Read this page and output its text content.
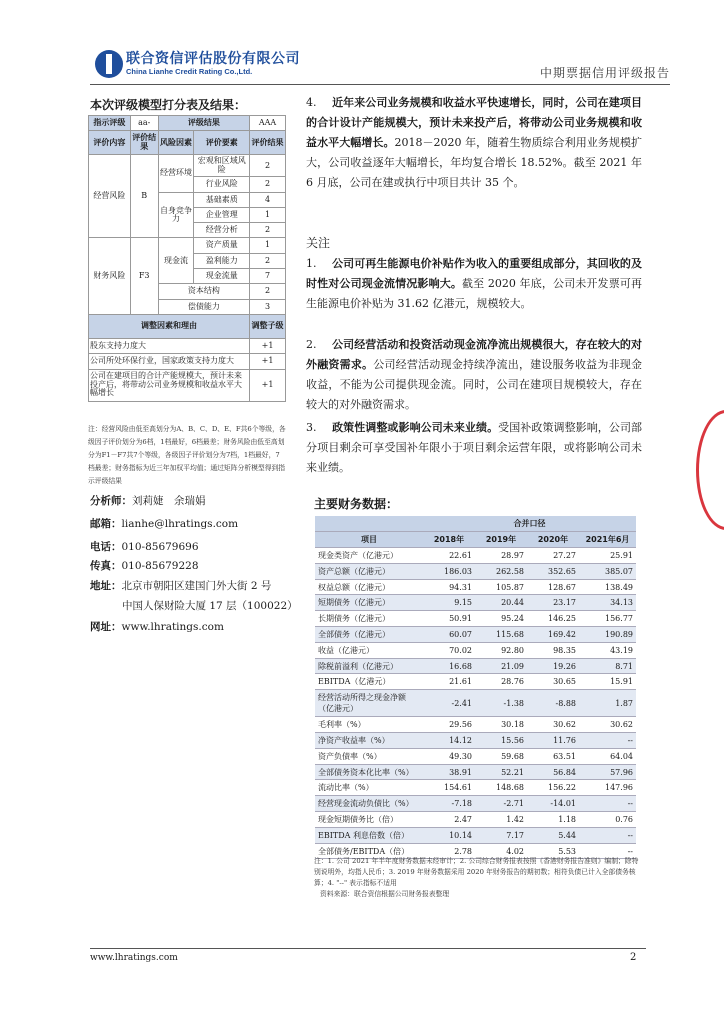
联合资信评估股份有限公司
China Lianhe Credit Rating Co.,Ltd.	中期票据信用评级报告
本次评级模型打分表及结果：
指示评级	aa-	评级结果		AAA
评价内容	评价结果	风险因素	评价要素	评价结果
经营风险	B	经营环境	宏观和区域风险	2
			行业风险	2
		自身竞争力	基础素质	4
			企业管理	1
			经营分析	2
财务风险	F3	现金流	资产质量	1
			盈利能力	2
			现金流量	7
		资本结构		2
		偿债能力		3
调整因素和理由				调整子级
股东支持力度大				+1
公司所处环保行业，国家政策支持力度大				+1
公司在建项目的合计产能规模大，预计未来投产后，将带动公司业务规模和收益水平大幅增长				+1
注：经营风险由低至高划分为A、B、C、D、E、F共6个等级，各级因子评价划分为6档，1档最好，6档最差；财务风险由低至高划分为F1－F7共7个等级，各级因子评价划分为7档，1档最好，7档最差；财务指标为近三年加权平均值；通过矩阵分析模型得到指示评级结果
分析师：刘莉婕　余瑞娟
邮箱：lianhe@lhratings.com
电话：010-85679696
传真：010-85679228
地址：北京市朝阳区建国门外大街 2 号
中国人保财险大厦 17 层（100022）
网址：www.lhratings.com
4. 近年来公司业务规模和收益水平快速增长，同时，公司在建项目的合计设计产能规模大，预计未来投产后，将带动公司业务规模和收益水平大幅增长。2018－2020 年，随着生物质综合利用业务规模扩大，公司收益逐年大幅增长，年均复合增长 18.52%。截至 2021 年 6 月底，公司在建或执行中项目共计 35 个。
关注
1. 公司可再生能源电价补贴作为收入的重要组成部分，其回收的及时性对公司现金流情况影响大。截至 2020 年底，公司未开发票可再生能源电价补贴为 31.62 亿港元，规模较大。
2. 公司经营活动和投资活动现金流净流出规模很大，存在较大的对外融资需求。公司经营活动现金持续净流出，建设服务收益为非现金收益，不能为公司提供现金流。同时，公司在建项目规模较大，存在较大的对外融资需求。
3. 政策性调整或影响公司未来业绩。受国补政策调整影响，公司部分项目剩余可享受国补年限小于项目剩余运营年限，或将影响公司未来业绩。
主要财务数据：
	合并口径			
项目	2018年	2019年	2020年	2021年6月
现金类资产（亿港元）	22.61	28.97	27.27	25.91
资产总额（亿港元）	186.03	262.58	352.65	385.07
权益总额（亿港元）	94.31	105.87	128.67	138.49
短期债务（亿港元）	9.15	20.44	23.17	34.13
长期债务（亿港元）	50.91	95.24	146.25	156.77
全部债务（亿港元）	60.07	115.68	169.42	190.89
收益（亿港元）	70.02	92.80	98.35	43.19
除税前溢利（亿港元）	16.68	21.09	19.26	8.71
EBITDA（亿港元）	21.61	28.76	30.65	15.91
经营活动所得之现金净额（亿港元）	-2.41	-1.38	-8.88	1.87
毛利率（%）	29.56	30.18	30.62	30.62
净资产收益率（%）	14.12	15.56	11.76	--
资产负债率（%）	49.30	59.68	63.51	64.04
全部债务资本化比率（%）	38.91	52.21	56.84	57.96
流动比率（%）	154.61	148.68	156.22	147.96
经营现金流动负债比（%）	-7.18	-2.71	-14.01	--
现金短期债务比（倍）	2.47	1.42	1.18	0.76
EBITDA 利息倍数（倍）	10.14	7.17	5.44	--
全部债务/EBITDA（倍）	2.78	4.02	5.53	--
注：1. 公司 2021 年半年度财务数据未经审计；2. 公司综合财务报表按照《香港财务报告准则》编制；除特别说明外，均指人民币；3. 2019 年财务数据采用 2020 年财务报告的期初数；相符负债已计入全部债务核算；4. "--" 表示指标不适用
资料来源：联合资信根据公司财务报表整理
www.lhratings.com	2
